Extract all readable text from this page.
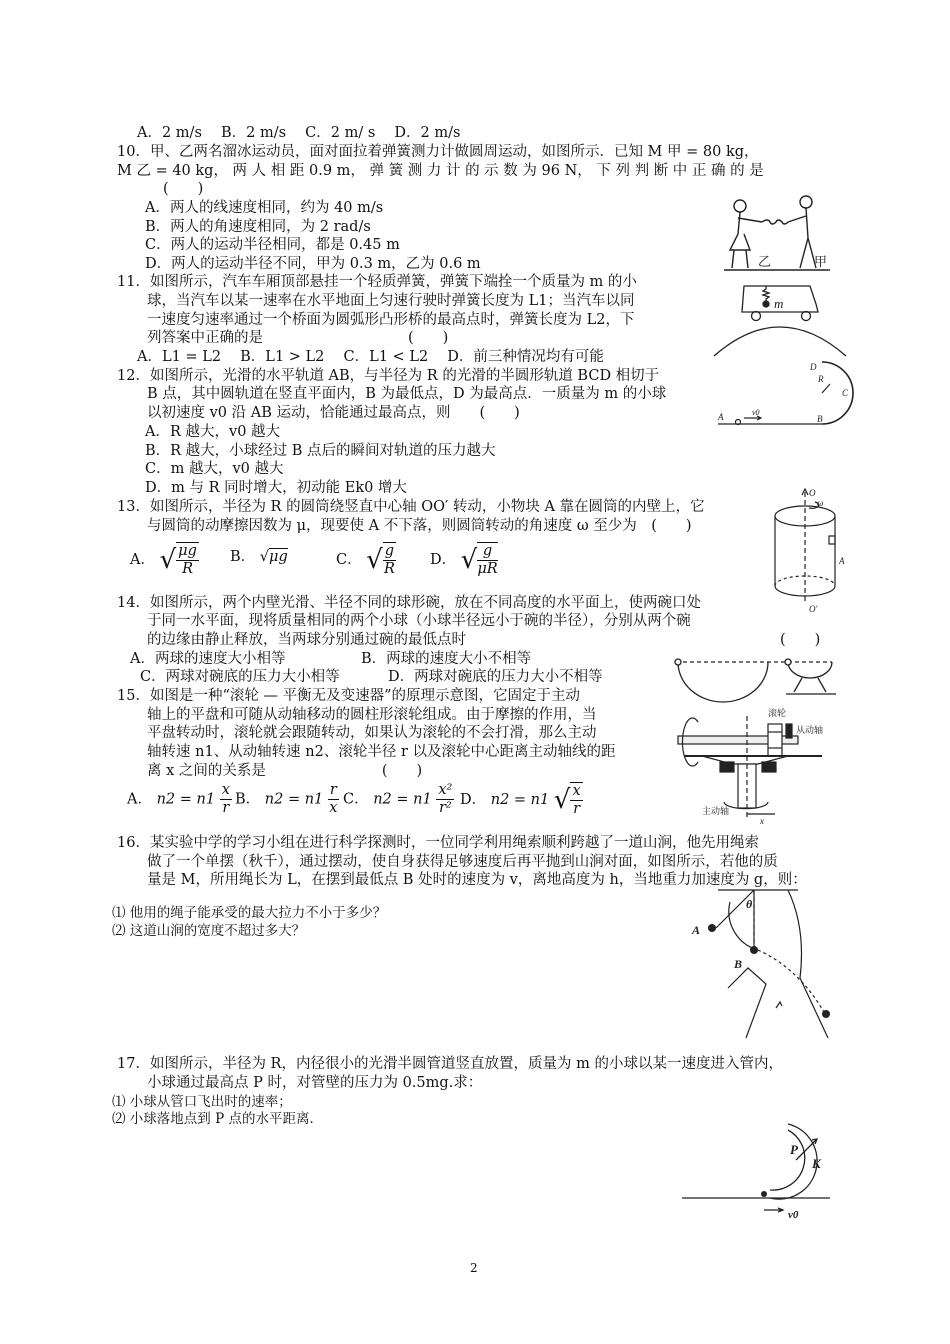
A．2 m/s　 B．2 m/s　 C．2 m/ s　 D．2 m/s
10．甲、乙两名溜冰运动员，面对面拉着弹簧测力计做圆周运动，如图所示．已知 M 甲 = 80 kg，
M 乙 = 40 kg， 两 人 相 距 0.9 m， 弹 簧 测 力 计 的 示 数 为 96 N， 下 列 判 断 中 正 确 的 是
(　　)
A．两人的线速度相同，约为 40 m/s
B．两人的角速度相同，为 2 rad/s
C．两人的运动半径相同，都是 0.45 m
D．两人的运动半径不同，甲为 0.3 m，乙为 0.6 m	乙	甲
11．如图所示，汽车车厢顶部悬挂一个轻质弹簧，弹簧下端拴一个质量为 m 的小
球，当汽车以某一速率在水平地面上匀速行驶时弹簧长度为 L1；当汽车以同
一速度匀速率通过一个桥面为圆弧形凸形桥的最高点时，弹簧长度为 L2，下
列答案中正确的是　　　　　　　　　　(　　)
A．L1 = L2　 B．L1 > L2　 C．L1 < L2　 D．前三种情况均有可能
m
12．如图所示，光滑的水平轨道 AB，与半径为 R 的光滑的半圆形轨道 BCD 相切于
B 点，其中圆轨道在竖直平面内，B 为最低点，D 为最高点．一质量为 m 的小球
以初速度 v0 沿 AB 运动，恰能通过最高点，则　　(　　)
A．R 越大，v0 越大
B．R 越大，小球经过 B 点后的瞬间对轨道的压力越大
C．m 越大，v0 越大
D．m 与 R 同时增大，初动能 Ek0 增大
D
R
C
A	B
v0
13．如图所示，半径为 R 的圆筒绕竖直中心轴 OO′ 转动，小物块 A 靠在圆筒的内壁上，它
与圆筒的动摩擦因数为 μ，现要使 A 不下落，则圆筒转动的角速度 ω 至少为　(　　)
A． √ $\frac{\mu g}{R}$ B． √μg	C． √ $\frac{g}{R}$ D． √ $\frac{g}{\mu R}$
O
ω
A
O′
14．如图所示，两个内壁光滑、半径不同的球形碗，放在不同高度的水平面上，使两碗口处
于同一水平面，现将质量相同的两个小球（小球半径远小于碗的半径），分别从两个碗
的边缘由静止释放，当两球分别通过碗的最低点时	(　　)
A．两球的速度大小相等	B．两球的速度大小不相等
C．两球对碗底的压力大小相等	D．两球对碗底的压力大小不相等
15．如图是一种“滚轮 — 平衡无及变速器”的原理示意图，它固定于主动
轴上的平盘和可随从动轴移动的圆柱形滚轮组成。由于摩擦的作用，当
平盘转动时，滚轮就会跟随转动，如果认为滚轮的不会打滑，那么主动
轴转速 n1、从动轴转速 n2、滚轮半径 r 以及滚轮中心距离主动轴线的距
离 x 之间的关系是　　　　　　　　(　　)
A． $n2 = n1 \frac{x}{r}$ B． $n2 = n1 \frac{r}{x}$ C． $n2 = n1 \frac{\text{x²}}{\text{r²}}$ D． n2 = n1 √ $\frac{x}{r}$
滚轮
从动轴
主动轴
x
16．某实验中学的学习小组在进行科学探测时，一位同学利用绳索顺利跨越了一道山涧，他先用绳索
做了一个单摆（秋千），通过摆动，使自身获得足够速度后再平抛到山涧对面，如图所示，若他的质
量是 M，所用绳长为 L，在摆到最低点 B 处时的速度为 v，离地高度为 h，当地重力加速度为 g，则：
⑴ 他用的绳子能承受的最大拉力不小于多少？
⑵ 这道山涧的宽度不超过多大？
θ
A
B
17．如图所示，半径为 R，内径很小的光滑半圆管道竖直放置，质量为 m 的小球以某一速度进入管内，
小球通过最高点 P 时，对管壁的压力为 0.5mg.求：
⑴ 小球从管口飞出时的速率；
⑵ 小球落地点到 P 点的水平距离．
P
K
v0
2
